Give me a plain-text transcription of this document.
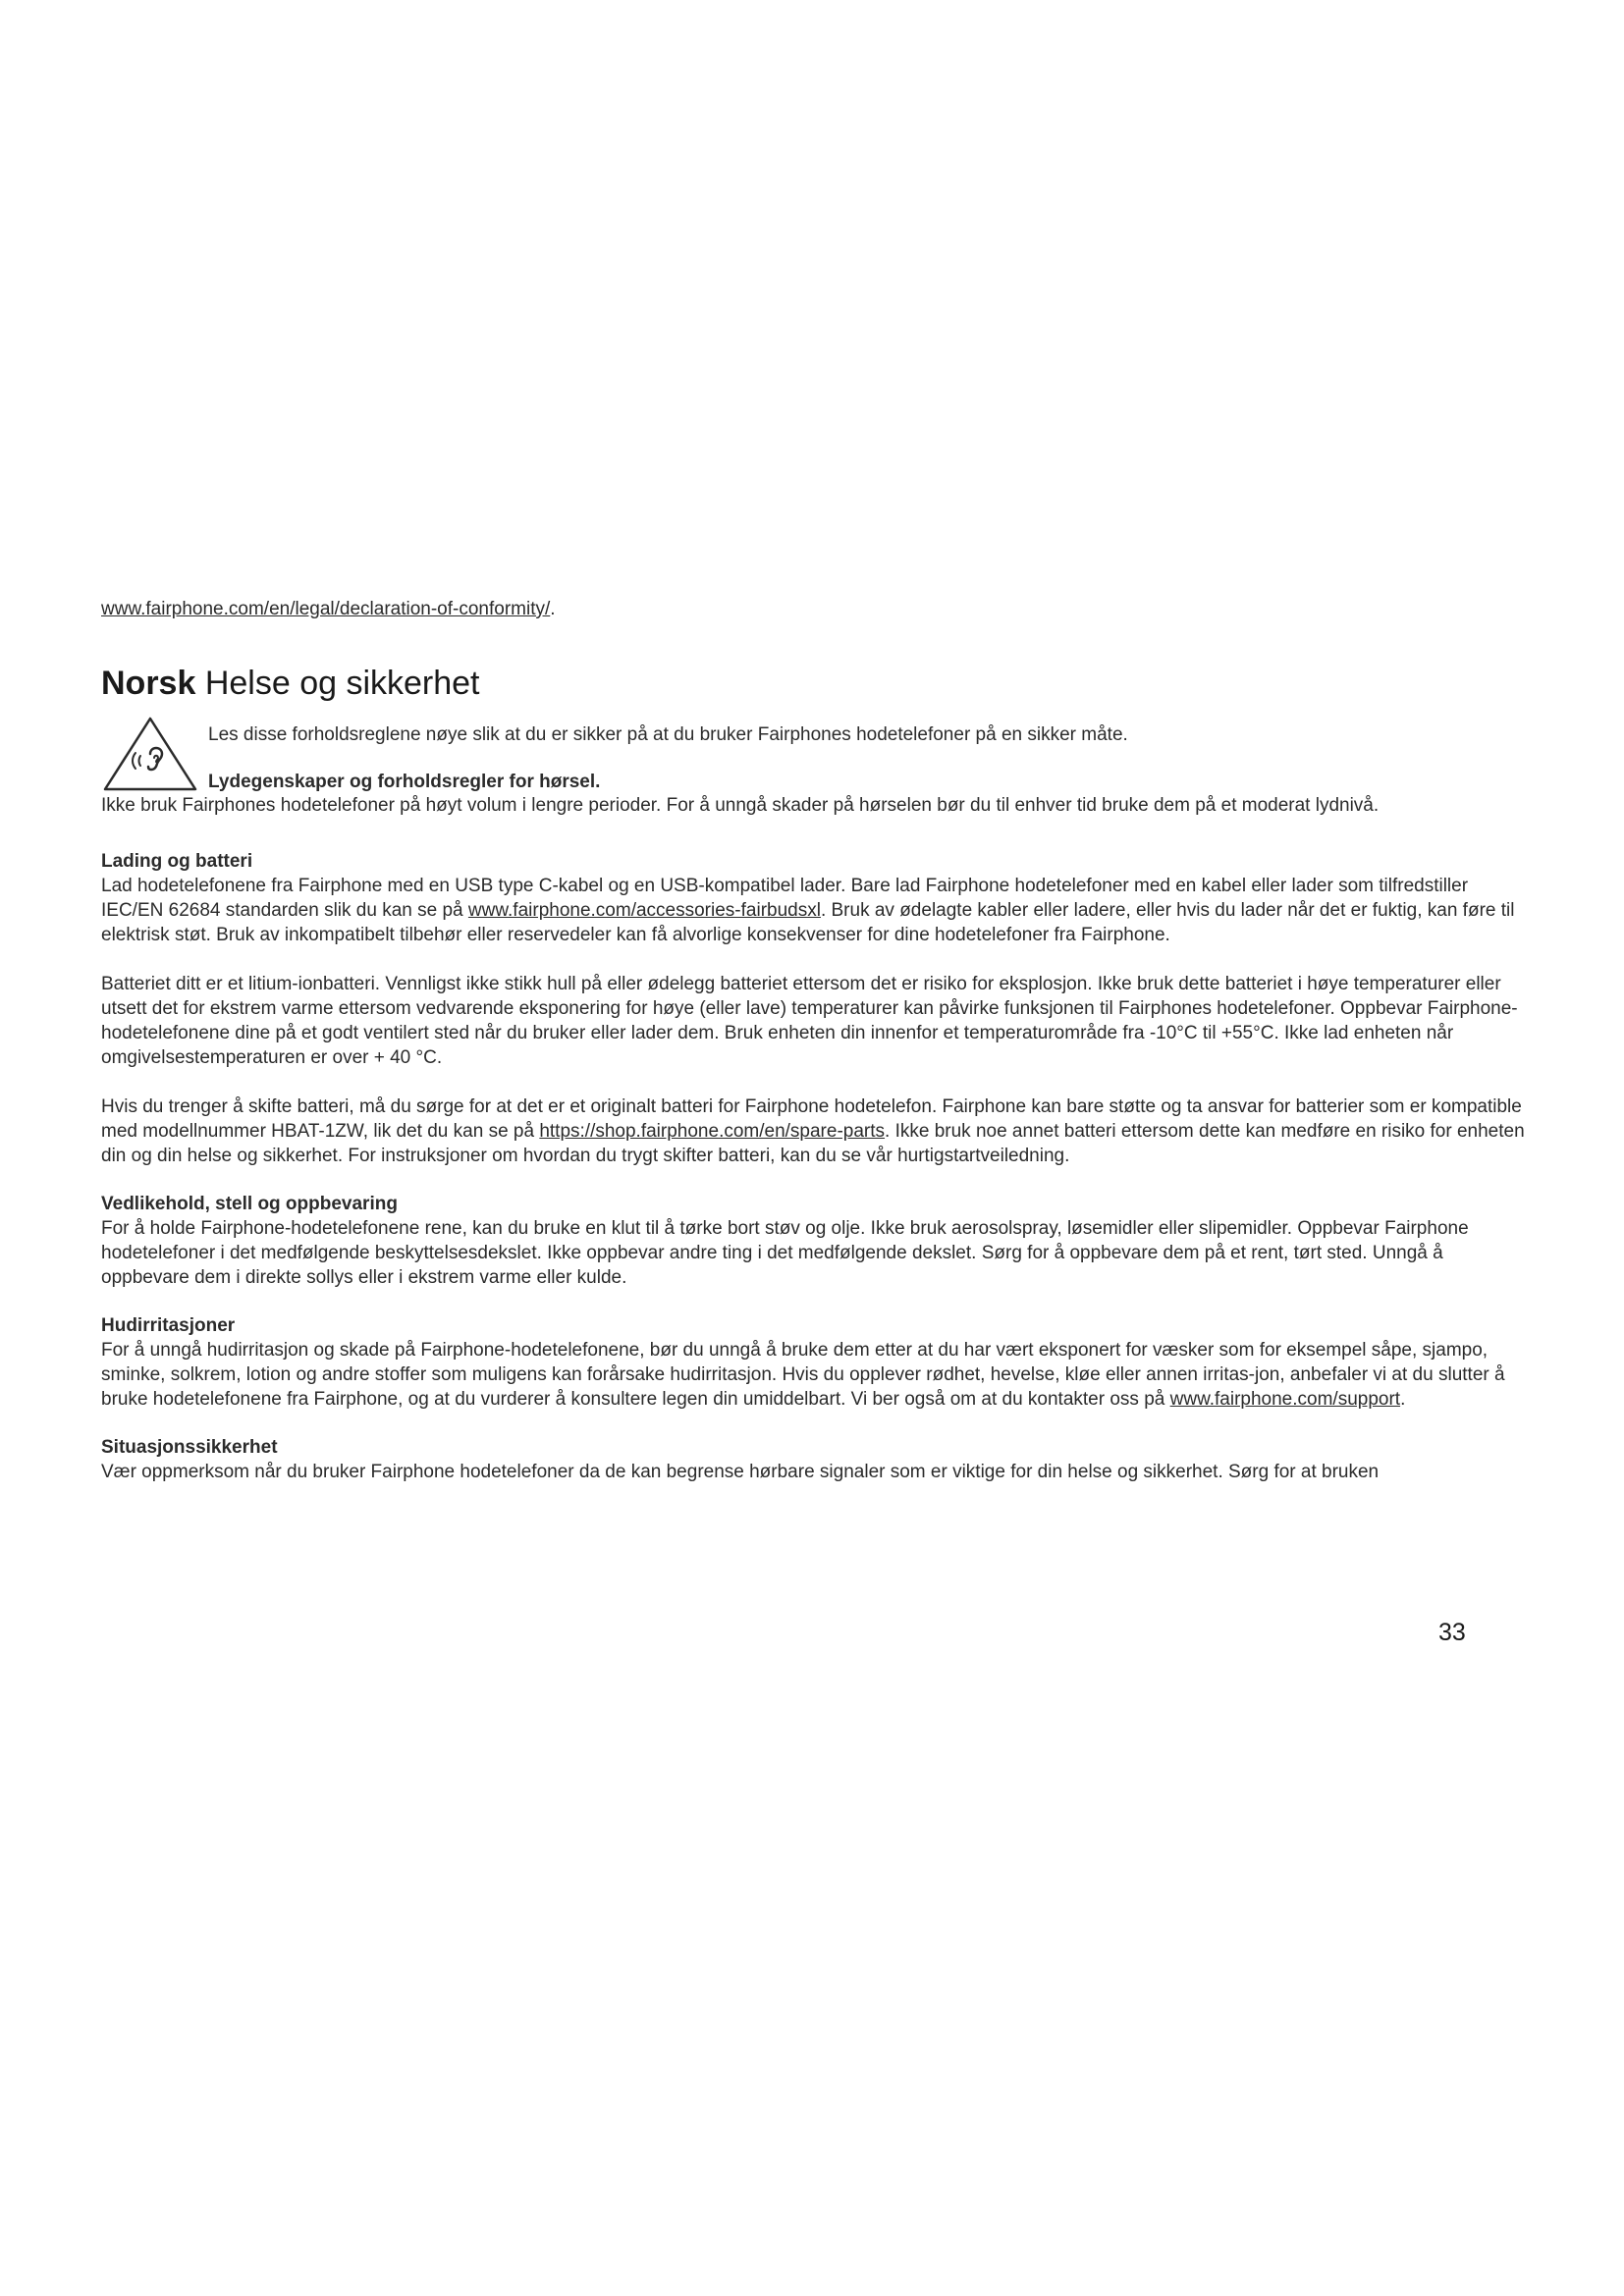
www.fairphone.com/en/legal/declaration-of-conformity/.

Norsk Helse og sikkerhet

Les disse forholdsreglene nøye slik at du er sikker på at du bruker Fairphones hodetelefoner på en sikker måte.

Lydegenskaper og forholdsregler for hørsel.

Ikke bruk Fairphones hodetelefoner på høyt volum i lengre perioder. For å unngå skader på hørselen bør du til enhver tid bruke dem på et moderat lydnivå.

Lading og batteri

Lad hodetelefonene fra Fairphone med en USB type C-kabel og en USB-kompatibel lader. Bare lad Fairphone hodetelefoner med en kabel eller lader som tilfredstiller IEC/EN 62684 standarden slik du kan se på www.fairphone.com/accessories-fairbudsxl. Bruk av ødelagte kabler eller ladere, eller hvis du lader når det er fuktig, kan føre til elektrisk støt. Bruk av inkompatibelt tilbehør eller reservedeler kan få alvorlige konsekvenser for dine hodetelefoner fra Fairphone.

Batteriet ditt er et litium-ionbatteri. Vennligst ikke stikk hull på eller ødelegg batteriet ettersom det er risiko for eksplosjon. Ikke bruk dette batteriet i høye temperaturer eller utsett det for ekstrem varme ettersom vedvarende eksponering for høye (eller lave) temperaturer kan påvirke funksjonen til Fairphones hodetelefoner. Oppbevar Fairphone-hodetelefonene dine på et godt ventilert sted når du bruker eller lader dem. Bruk enheten din innenfor et temperaturområde fra -10°C til +55°C. Ikke lad enheten når omgivelsestemperaturen er over + 40 °C.

Hvis du trenger å skifte batteri, må du sørge for at det er et originalt batteri for Fairphone hodetelefon. Fairphone kan bare støtte og ta ansvar for batterier som er kompatible med modellnummer HBAT-1ZW, lik det du kan se på https://shop.fairphone.com/en/spare-parts. Ikke bruk noe annet batteri ettersom dette kan medføre en risiko for enheten din og din helse og sikkerhet. For instruksjoner om hvordan du trygt skifter batteri, kan du se vår hurtigstartveiledning.

Vedlikehold, stell og oppbevaring

For å holde Fairphone-hodetelefonene rene, kan du bruke en klut til å tørke bort støv og olje. Ikke bruk aerosolspray, løsemidler eller slipemidler. Oppbevar Fairphone hodetelefoner i det medfølgende beskyttelsesdekslet. Ikke oppbevar andre ting i det medfølgende dekslet. Sørg for å oppbevare dem på et rent, tørt sted. Unngå å oppbevare dem i direkte sollys eller i ekstrem varme eller kulde.

Hudirritasjoner

For å unngå hudirritasjon og skade på Fairphone-hodetelefonene, bør du unngå å bruke dem etter at du har vært eksponert for væsker som for eksempel såpe, sjampo, sminke, solkrem, lotion og andre stoffer som muligens kan forårsake hudirritasjon. Hvis du opplever rødhet, hevelse, kløe eller annen irritas-jon, anbefaler vi at du slutter å bruke hodetelefonene fra Fairphone, og at du vurderer å konsultere legen din umiddelbart. Vi ber også om at du kontakter oss på www.fairphone.com/support.

Situasjonssikkerhet

Vær oppmerksom når du bruker Fairphone hodetelefoner da de kan begrense hørbare signaler som er viktige for din helse og sikkerhet. Sørg for at bruken

33
